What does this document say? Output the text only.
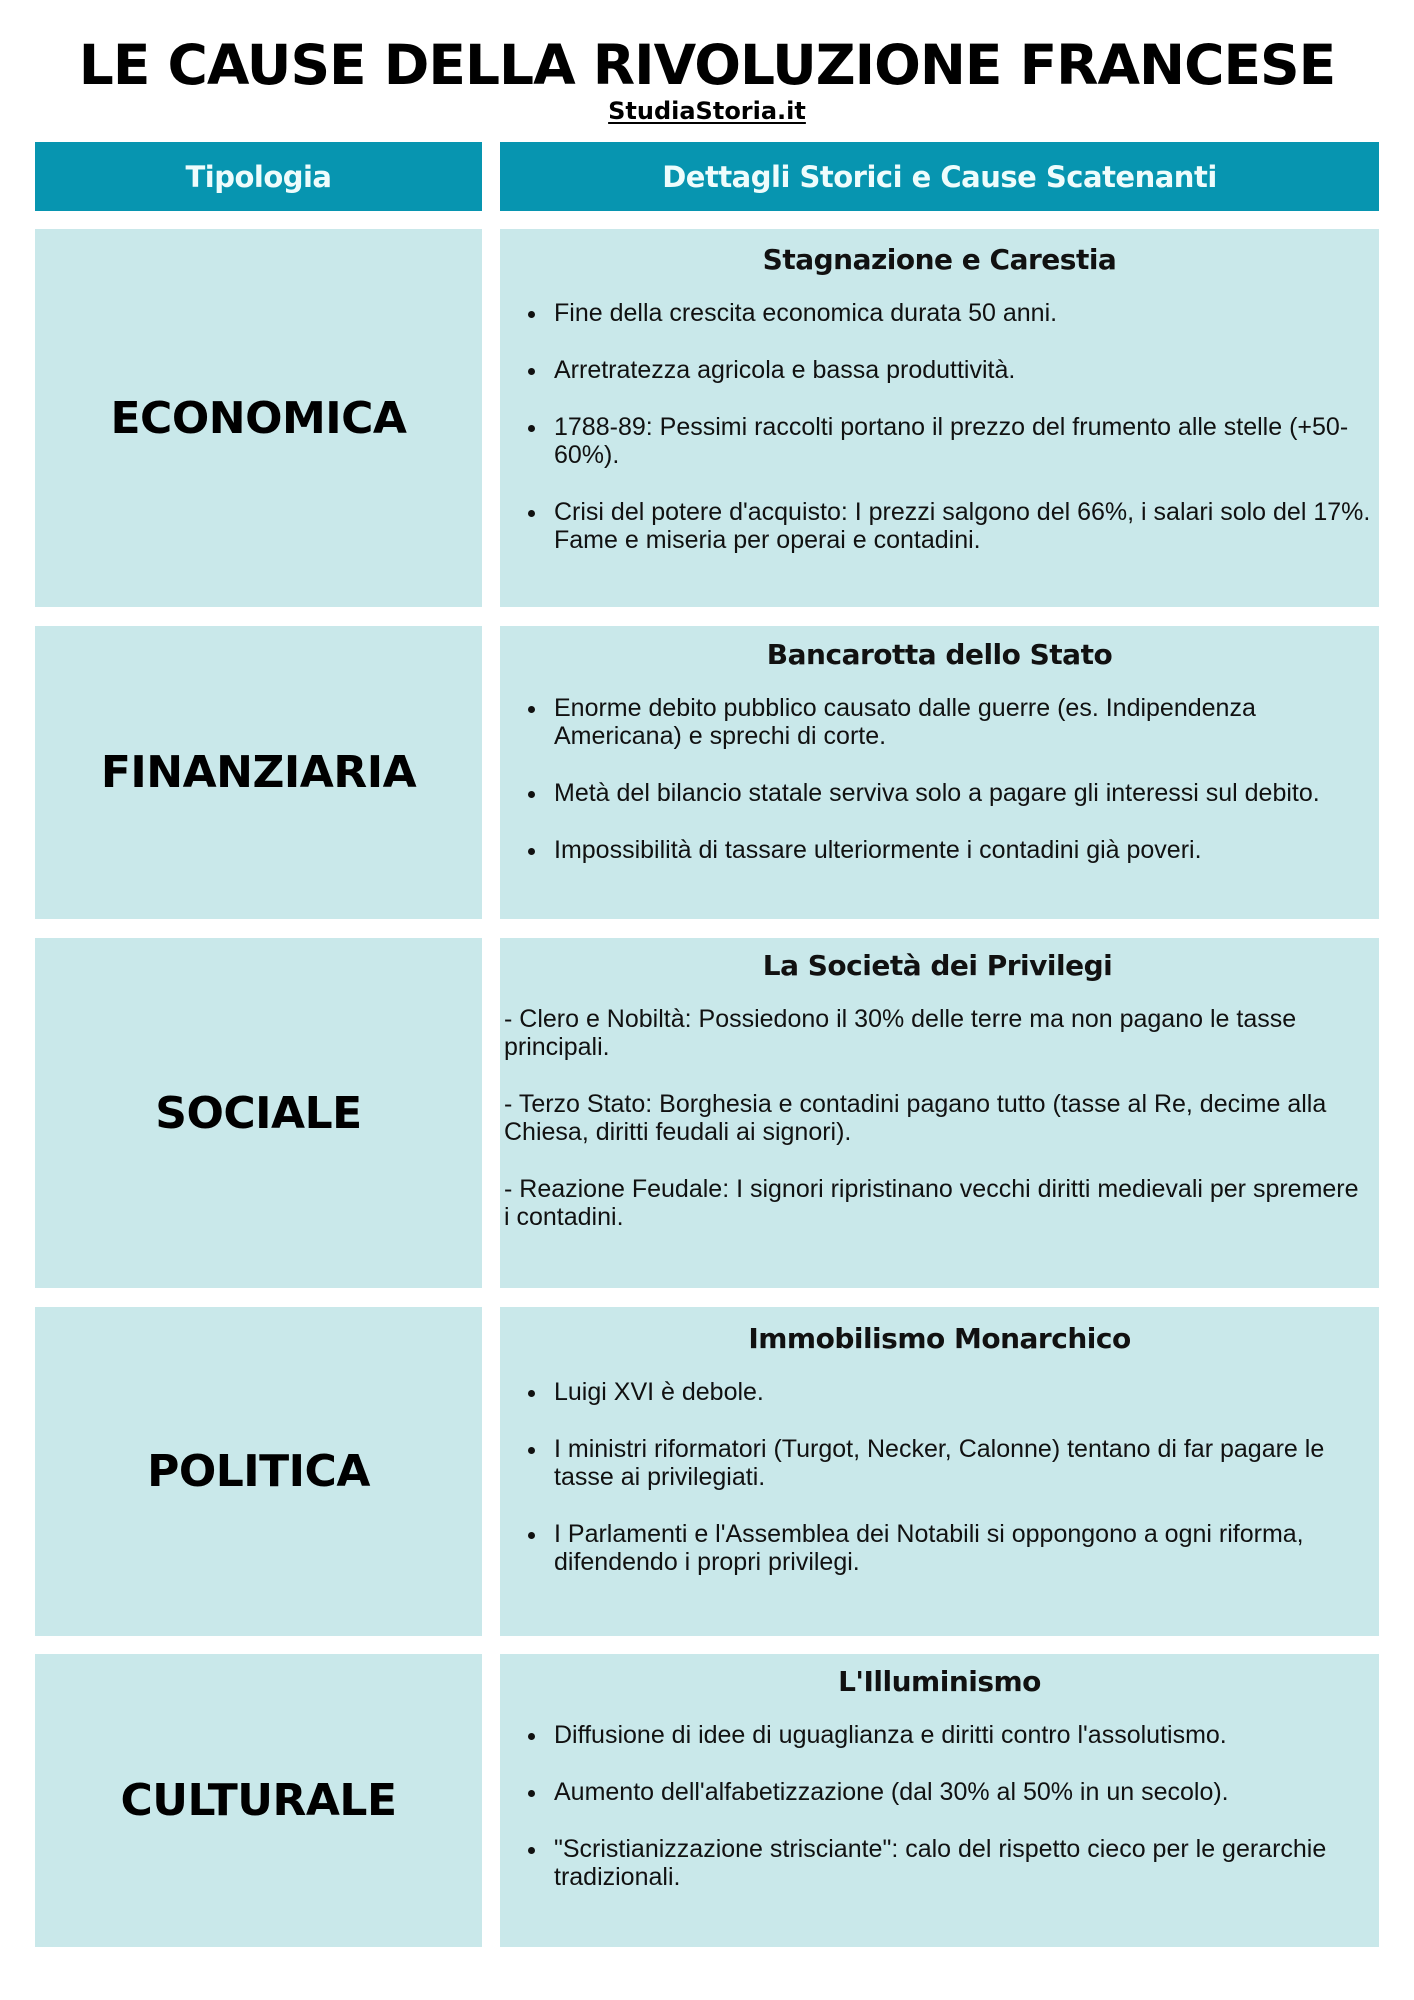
LE CAUSE DELLA RIVOLUZIONE FRANCESE
StudiaStoria.it
Tipologia	Dettagli Storici e Cause Scatenanti
ECONOMICA
Stagnazione e Carestia
Fine della crescita economica durata 50 anni.
Arretratezza agricola e bassa produttività.
1788-89: Pessimi raccolti portano il prezzo del frumento alle stelle (+50-60%).
Crisi del potere d'acquisto: I prezzi salgono del 66%, i salari solo del 17%. Fame e miseria per operai e contadini.
FINANZIARIA
Bancarotta dello Stato
Enorme debito pubblico causato dalle guerre (es. Indipendenza Americana) e sprechi di corte.
Metà del bilancio statale serviva solo a pagare gli interessi sul debito.
Impossibilità di tassare ulteriormente i contadini già poveri.
SOCIALE
La Società dei Privilegi

- Clero e Nobiltà: Possiedono il 30% delle terre ma non pagano le tasse principali.

- Terzo Stato: Borghesia e contadini pagano tutto (tasse al Re, decime alla Chiesa, diritti feudali ai signori).

- Reazione Feudale: I signori ripristinano vecchi diritti medievali per spremere i contadini.

POLITICA
Immobilismo Monarchico
Luigi XVI è debole.
I ministri riformatori (Turgot, Necker, Calonne) tentano di far pagare le tasse ai privilegiati.
I Parlamenti e l'Assemblea dei Notabili si oppongono a ogni riforma, difendendo i propri privilegi.
CULTURALE
L'Illuminismo
Diffusione di idee di uguaglianza e diritti contro l'assolutismo.
Aumento dell'alfabetizzazione (dal 30% al 50% in un secolo).
"Scristianizzazione strisciante": calo del rispetto cieco per le gerarchie tradizionali.
